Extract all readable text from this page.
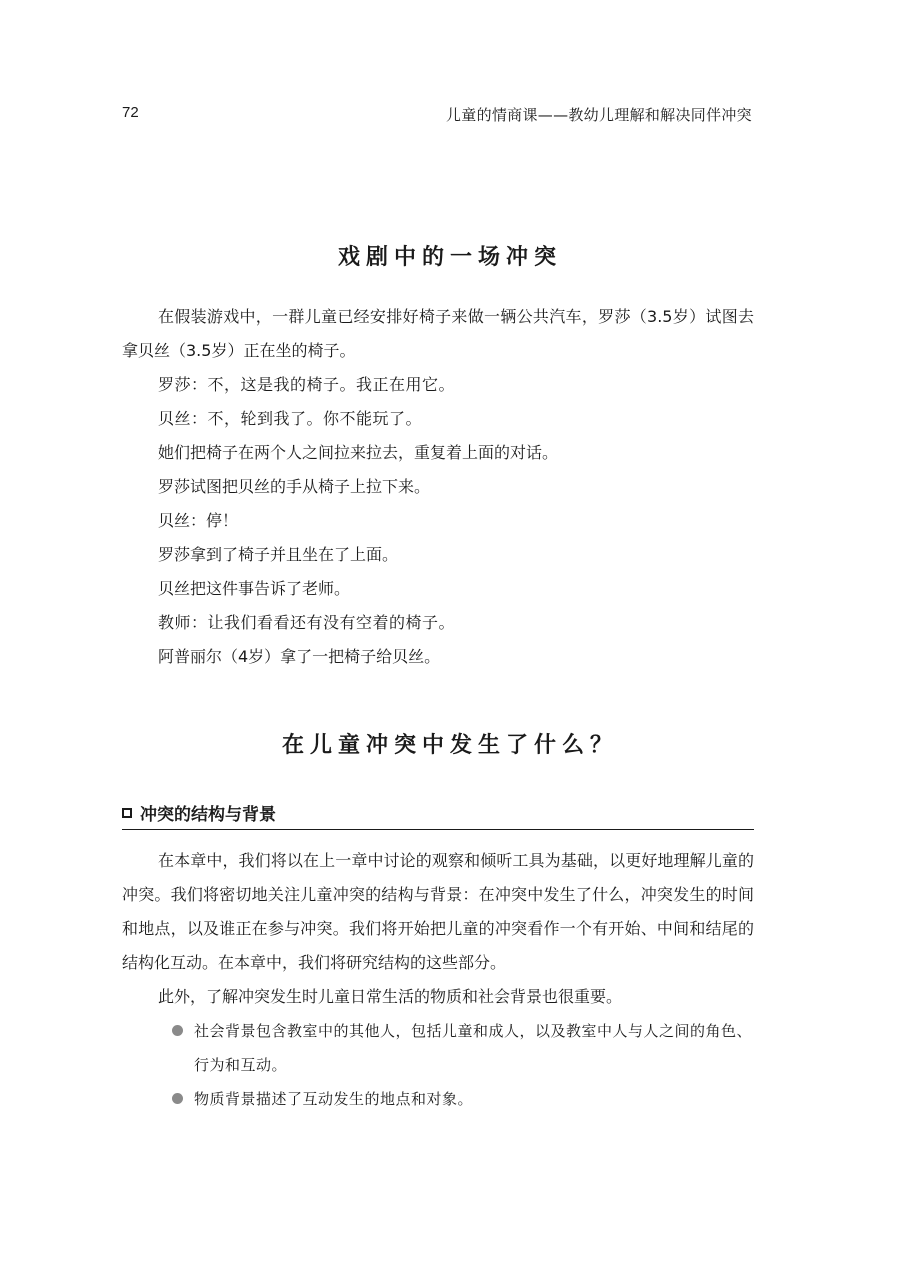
72	儿童的情商课——教幼儿理解和解决同伴冲突
戏剧中的一场冲突

在假装游戏中，一群儿童已经安排好椅子来做一辆公共汽车，罗莎（3.5岁）试图去拿贝丝（3.5岁）正在坐的椅子。

罗莎：不，这是我的椅子。我正在用它。

贝丝：不，轮到我了。你不能玩了。

她们把椅子在两个人之间拉来拉去，重复着上面的对话。

罗莎试图把贝丝的手从椅子上拉下来。

贝丝：停！

罗莎拿到了椅子并且坐在了上面。

贝丝把这件事告诉了老师。

教师：让我们看看还有没有空着的椅子。

阿普丽尔（4岁）拿了一把椅子给贝丝。

在儿童冲突中发生了什么？
冲突的结构与背景

在本章中，我们将以在上一章中讨论的观察和倾听工具为基础，以更好地理解儿童的冲突。我们将密切地关注儿童冲突的结构与背景：在冲突中发生了什么，冲突发生的时间和地点，以及谁正在参与冲突。我们将开始把儿童的冲突看作一个有开始、中间和结尾的结构化互动。在本章中，我们将研究结构的这些部分。

此外，了解冲突发生时儿童日常生活的物质和社会背景也很重要。

社会背景包含教室中的其他人，包括儿童和成人，以及教室中人与人之间的角色、行为和互动。
物质背景描述了互动发生的地点和对象。
